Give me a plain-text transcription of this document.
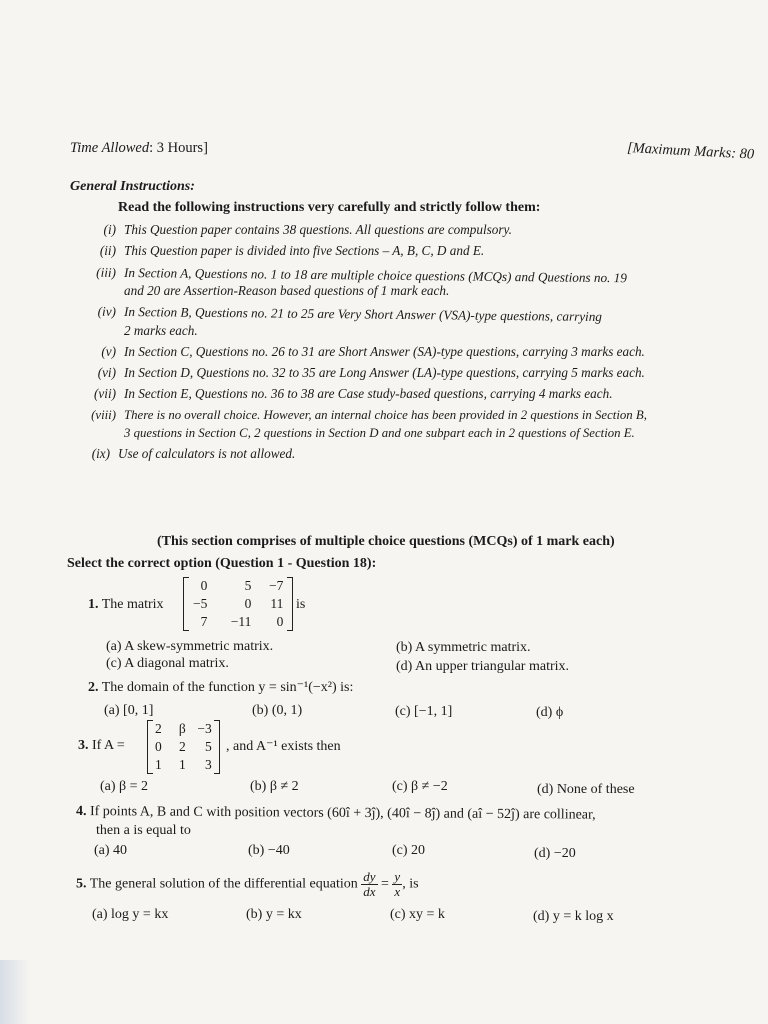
Time Allowed: 3 Hours]	[Maximum Marks: 80
General Instructions:
Read the following instructions very carefully and strictly follow them:
(i) This Question paper contains 38 questions. All questions are compulsory.
(ii) This Question paper is divided into five Sections – A, B, C, D and E.
(iii) In Section A, Questions no. 1 to 18 are multiple choice questions (MCQs) and Questions no. 19
and 20 are Assertion-Reason based questions of 1 mark each.
(iv) In Section B, Questions no. 21 to 25 are Very Short Answer (VSA)-type questions, carrying
2 marks each.
(v) In Section C, Questions no. 26 to 31 are Short Answer (SA)-type questions, carrying 3 marks each.
(vi) In Section D, Questions no. 32 to 35 are Long Answer (LA)-type questions, carrying 5 marks each.
(vii) In Section E, Questions no. 36 to 38 are Case study-based questions, carrying 4 marks each.
(viii) There is no overall choice. However, an internal choice has been provided in 2 questions in Section B,
3 questions in Section C, 2 questions in Section D and one subpart each in 2 questions of Section E.
(ix) Use of calculators is not allowed.
(This section comprises of multiple choice questions (MCQs) of 1 mark each)
Select the correct option (Question 1 - Question 18):
1. The matrix
0	5	−7
−5	0	11
7	−11	0
is
(a) A skew-symmetric matrix.	(b) A symmetric matrix.
(c) A diagonal matrix.	(d) An upper triangular matrix.
2. The domain of the function y = sin⁻¹(−x²) is:
(a) [0, 1]	(b) (0, 1)	(c) [−1, 1]	(d) ϕ
3. If A =
2	β	−3
0	2	5
1	1	3
, and A⁻¹ exists then
(a) β = 2	(b) β ≠ 2	(c) β ≠ −2	(d) None of these
4. If points A, B and C with position vectors (60î + 3ĵ), (40î − 8ĵ) and (aî − 52ĵ) are collinear,
then a is equal to
(a) 40	(b) −40	(c) 20	(d) −20
5. The general solution of the differential equation $\frac{dy}{dx} = \frac{y}{x}$ , is
(a) log y = kx	(b) y = kx	(c) xy = k	(d) y = k log x
